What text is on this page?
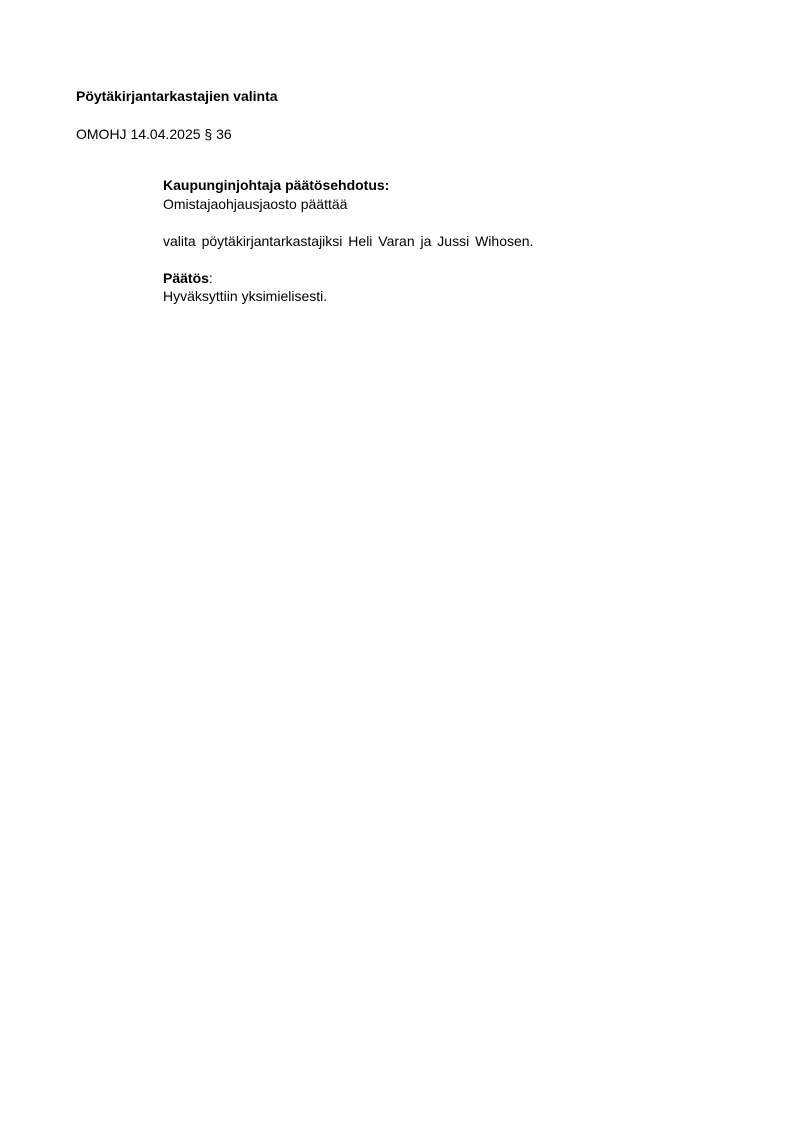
Pöytäkirjantarkastajien valinta
OMOHJ 14.04.2025 § 36

Kaupunginjohtaja päätösehdotus:

Omistajaohjausjaosto päättää

valita pöytäkirjantarkastajiksi Heli Varan ja Jussi Wihosen.

Päätös:

Hyväksyttiin yksimielisesti.
